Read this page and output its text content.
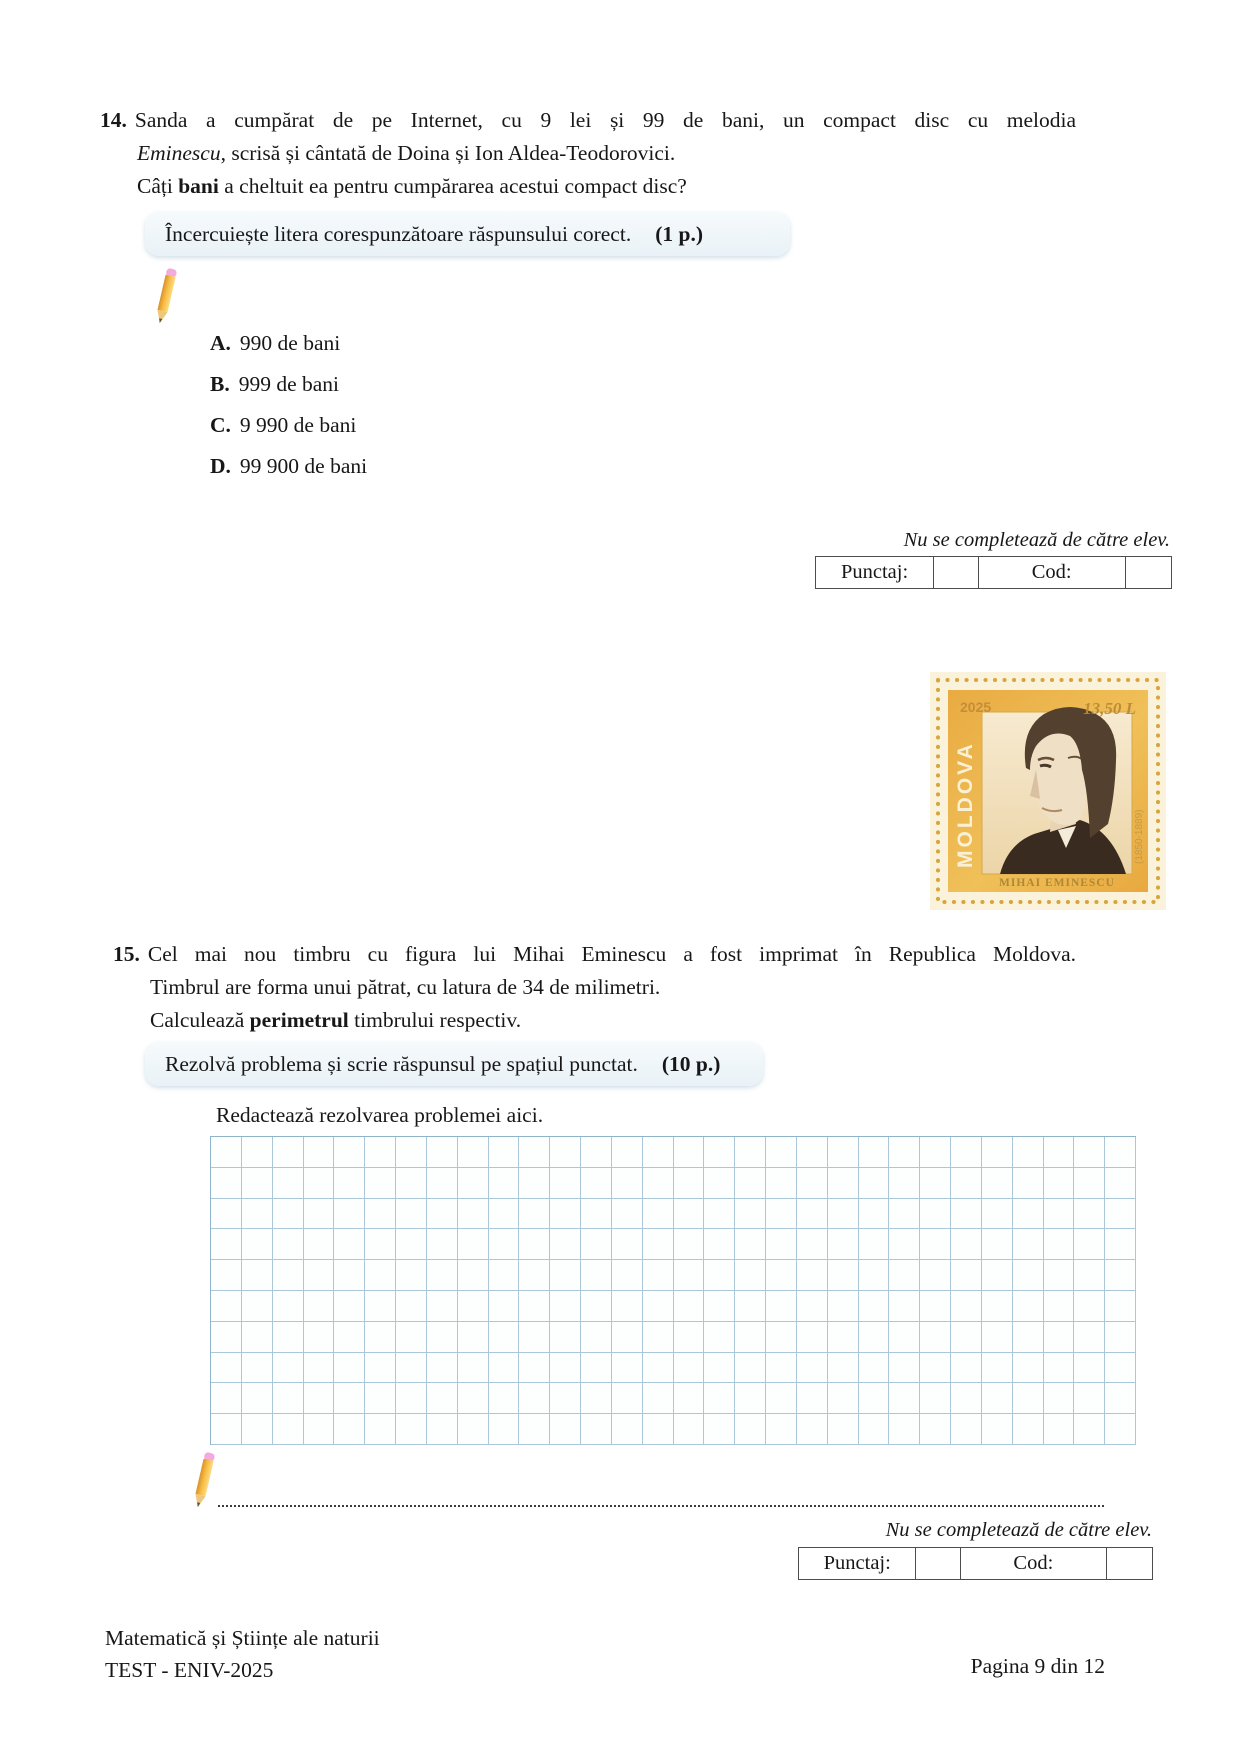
14. Sanda a cumpărat de pe Internet, cu 9 lei și 99 de bani, un compact disc cu melodia
Eminescu, scrisă și cântată de Doina și Ion Aldea-Teodorovici.
Câți bani a cheltuit ea pentru cumpărarea acestui compact disc?
Încercuiește litera corespunzătoare răspunsului corect. (1 p.)
A. 990 de bani
B. 999 de bani
C. 9 990 de bani
D. 99 900 de bani
Nu se completează de către elev.
Punctaj:	Cod:
2025	13,50 L
MOLDOVA
MIHAI EMINESCU
(1850-1889)
15. Cel mai nou timbru cu figura lui Mihai Eminescu a fost imprimat în Republica Moldova.
Timbrul are forma unui pătrat, cu latura de 34 de milimetri.
Calculează perimetrul timbrului respectiv.
Rezolvă problema și scrie răspunsul pe spațiul punctat. (10 p.)
Redactează rezolvarea problemei aici.
Nu se completează de către elev.
Punctaj:	Cod:
Matematică și Științe ale naturii
TEST - ENIV-2025	Pagina 9 din 12
